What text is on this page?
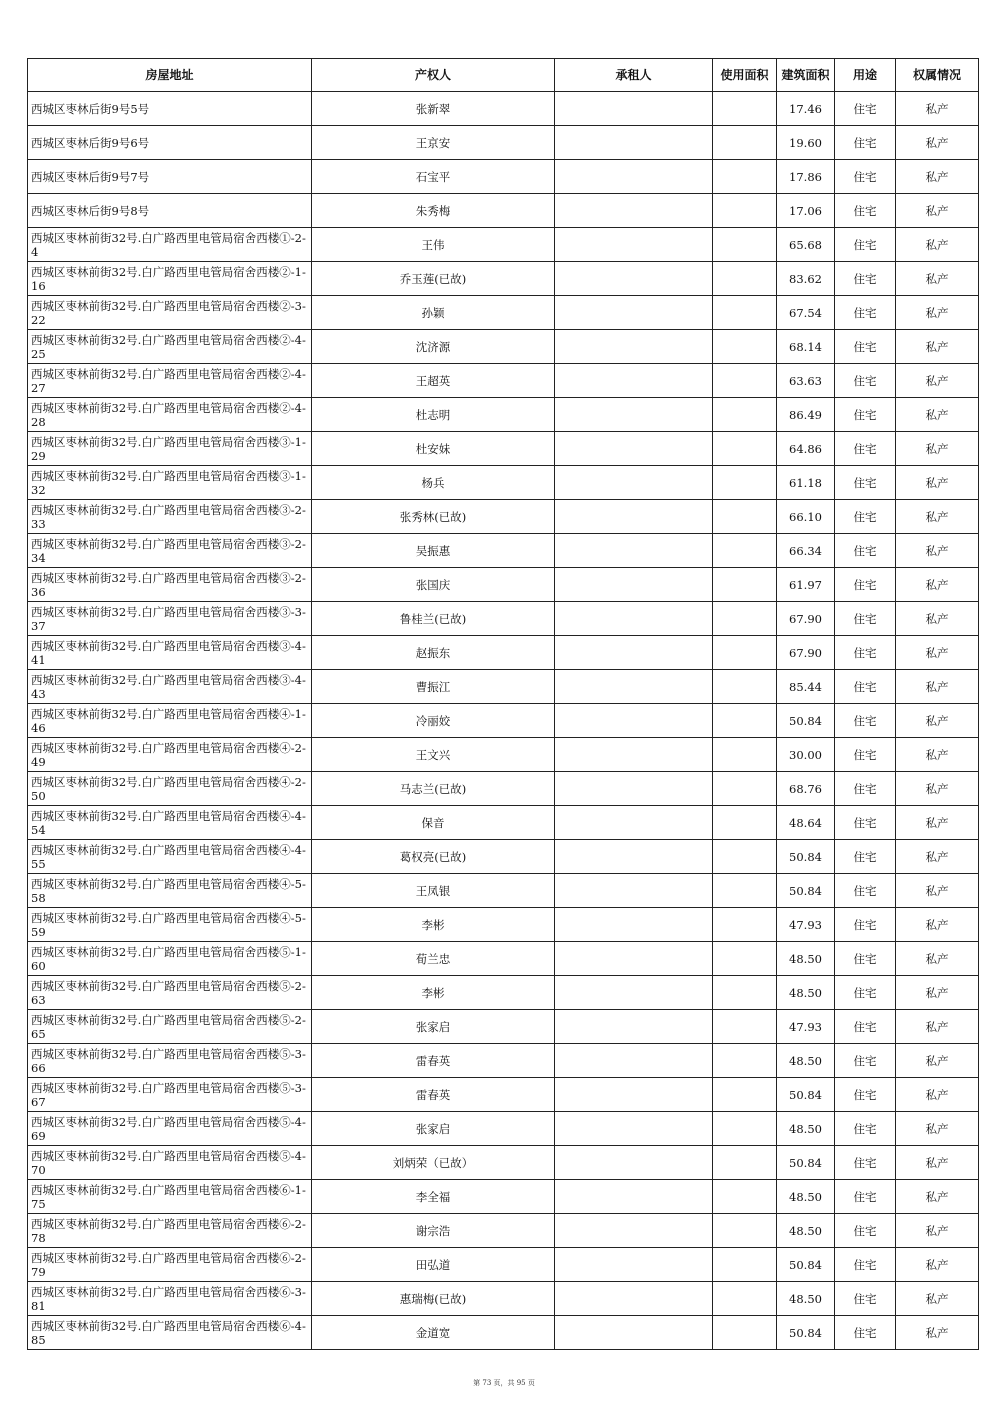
房屋地址	产权人	承租人	使用面积	建筑面积	用途	权属情况

西城区枣林后街9号5号	张新翠			17.46	住宅	私产

西城区枣林后街9号6号	王京安			19.60	住宅	私产

西城区枣林后街9号7号	石宝平			17.86	住宅	私产

西城区枣林后街9号8号	朱秀梅			17.06	住宅	私产

西城区枣林前街32号.白广路西里电管局宿舍西楼①-2-4	王伟			65.68	住宅	私产

西城区枣林前街32号.白广路西里电管局宿舍西楼②-1-16	乔玉莲(已故)			83.62	住宅	私产

西城区枣林前街32号.白广路西里电管局宿舍西楼②-3-22	孙颖			67.54	住宅	私产

西城区枣林前街32号.白广路西里电管局宿舍西楼②-4-25	沈济源			68.14	住宅	私产

西城区枣林前街32号.白广路西里电管局宿舍西楼②-4-27	王超英			63.63	住宅	私产

西城区枣林前街32号.白广路西里电管局宿舍西楼②-4-28	杜志明			86.49	住宅	私产

西城区枣林前街32号.白广路西里电管局宿舍西楼③-1-29	杜安妹			64.86	住宅	私产

西城区枣林前街32号.白广路西里电管局宿舍西楼③-1-32	杨兵			61.18	住宅	私产

西城区枣林前街32号.白广路西里电管局宿舍西楼③-2-33	张秀林(已故)			66.10	住宅	私产

西城区枣林前街32号.白广路西里电管局宿舍西楼③-2-34	吴振惠			66.34	住宅	私产

西城区枣林前街32号.白广路西里电管局宿舍西楼③-2-36	张国庆			61.97	住宅	私产

西城区枣林前街32号.白广路西里电管局宿舍西楼③-3-37	鲁桂兰(已故)			67.90	住宅	私产

西城区枣林前街32号.白广路西里电管局宿舍西楼③-4-41	赵振东			67.90	住宅	私产

西城区枣林前街32号.白广路西里电管局宿舍西楼③-4-43	曹振江			85.44	住宅	私产

西城区枣林前街32号.白广路西里电管局宿舍西楼④-1-46	冷丽姣			50.84	住宅	私产

西城区枣林前街32号.白广路西里电管局宿舍西楼④-2-49	王文兴			30.00	住宅	私产

西城区枣林前街32号.白广路西里电管局宿舍西楼④-2-50	马志兰(已故)			68.76	住宅	私产

西城区枣林前街32号.白广路西里电管局宿舍西楼④-4-54	保音			48.64	住宅	私产

西城区枣林前街32号.白广路西里电管局宿舍西楼④-4-55	葛权亮(已故)			50.84	住宅	私产

西城区枣林前街32号.白广路西里电管局宿舍西楼④-5-58	王凤银			50.84	住宅	私产

西城区枣林前街32号.白广路西里电管局宿舍西楼④-5-59	李彬			47.93	住宅	私产

西城区枣林前街32号.白广路西里电管局宿舍西楼⑤-1-60	荀兰忠			48.50	住宅	私产

西城区枣林前街32号.白广路西里电管局宿舍西楼⑤-2-63	李彬			48.50	住宅	私产

西城区枣林前街32号.白广路西里电管局宿舍西楼⑤-2-65	张家启			47.93	住宅	私产

西城区枣林前街32号.白广路西里电管局宿舍西楼⑤-3-66	雷春英			48.50	住宅	私产

西城区枣林前街32号.白广路西里电管局宿舍西楼⑤-3-67	雷春英			50.84	住宅	私产

西城区枣林前街32号.白广路西里电管局宿舍西楼⑤-4-69	张家启			48.50	住宅	私产

西城区枣林前街32号.白广路西里电管局宿舍西楼⑤-4-70	刘炳荣（已故）			50.84	住宅	私产

西城区枣林前街32号.白广路西里电管局宿舍西楼⑥-1-75	李全福			48.50	住宅	私产

西城区枣林前街32号.白广路西里电管局宿舍西楼⑥-2-78	谢宗浩			48.50	住宅	私产

西城区枣林前街32号.白广路西里电管局宿舍西楼⑥-2-79	田弘道			50.84	住宅	私产

西城区枣林前街32号.白广路西里电管局宿舍西楼⑥-3-81	惠瑞梅(已故)			48.50	住宅	私产

西城区枣林前街32号.白广路西里电管局宿舍西楼⑥-4-85	金道宽			50.84	住宅	私产
第 73 页，共 95 页
